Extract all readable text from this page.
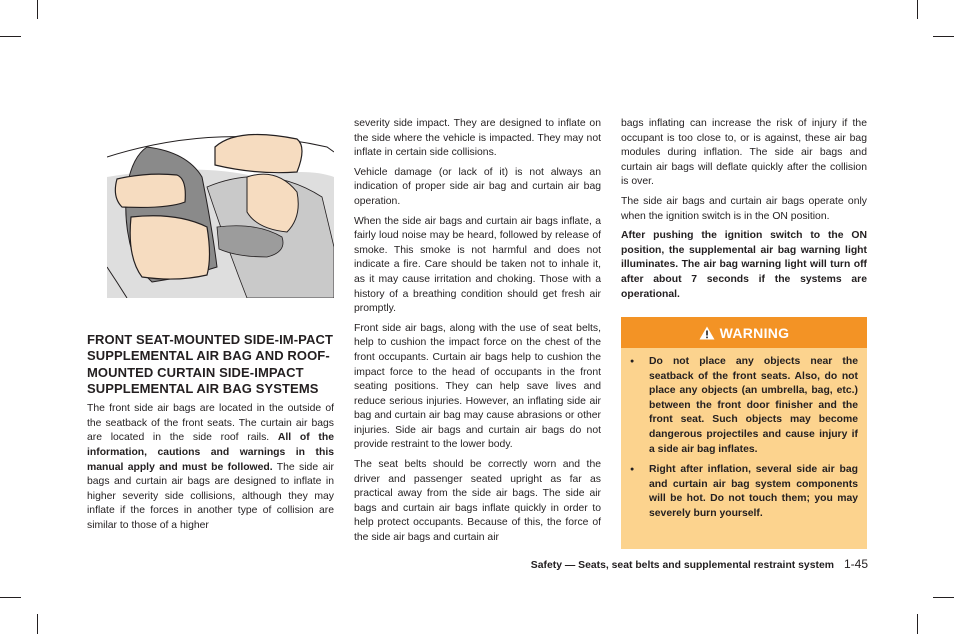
FRONT SEAT-MOUNTED SIDE-IM-PACT SUPPLEMENTAL AIR BAG AND ROOF-MOUNTED CURTAIN SIDE-IMPACT SUPPLEMENTAL AIR BAG SYSTEMS

The front side air bags are located in the outside of the seatback of the front seats. The curtain air bags are located in the side roof rails. All of the information, cautions and warnings in this manual apply and must be followed. The side air bags and curtain air bags are designed to inflate in higher severity side collisions, although they may inflate if the forces in another type of collision are similar to those of a higher

severity side impact. They are designed to inflate on the side where the vehicle is impacted. They may not inflate in certain side collisions.

Vehicle damage (or lack of it) is not always an indication of proper side air bag and curtain air bag operation.

When the side air bags and curtain air bags inflate, a fairly loud noise may be heard, followed by release of smoke. This smoke is not harmful and does not indicate a fire. Care should be taken not to inhale it, as it may cause irritation and choking. Those with a history of a breathing condition should get fresh air promptly.

Front side air bags, along with the use of seat belts, help to cushion the impact force on the chest of the front occupants. Curtain air bags help to cushion the impact force to the head of occupants in the front seating positions. They can help save lives and reduce serious injuries. However, an inflating side air bag and curtain air bag may cause abrasions or other injuries. Side air bags and curtain air bags do not provide restraint to the lower body.

The seat belts should be correctly worn and the driver and passenger seated upright as far as practical away from the side air bags. The side air bags and curtain air bags inflate quickly in order to help protect occupants. Because of this, the force of the side air bags and curtain air

bags inflating can increase the risk of injury if the occupant is too close to, or is against, these air bag modules during inflation. The side air bags and curtain air bags will deflate quickly after the collision is over.

The side air bags and curtain air bags operate only when the ignition switch is in the ON position.

After pushing the ignition switch to the ON position, the supplemental air bag warning light illuminates. The air bag warning light will turn off after about 7 seconds if the systems are operational.

WARNING
● Do not place any objects near the seatback of the front seats. Also, do not place any objects (an umbrella, bag, etc.) between the front door finisher and the front seat. Such objects may become dangerous projectiles and cause injury if a side air bag inflates.
● Right after inflation, several side air bag and curtain air bag system components will be hot. Do not touch them; you may severely burn yourself.
Safety — Seats, seat belts and supplemental restraint system 1-45
